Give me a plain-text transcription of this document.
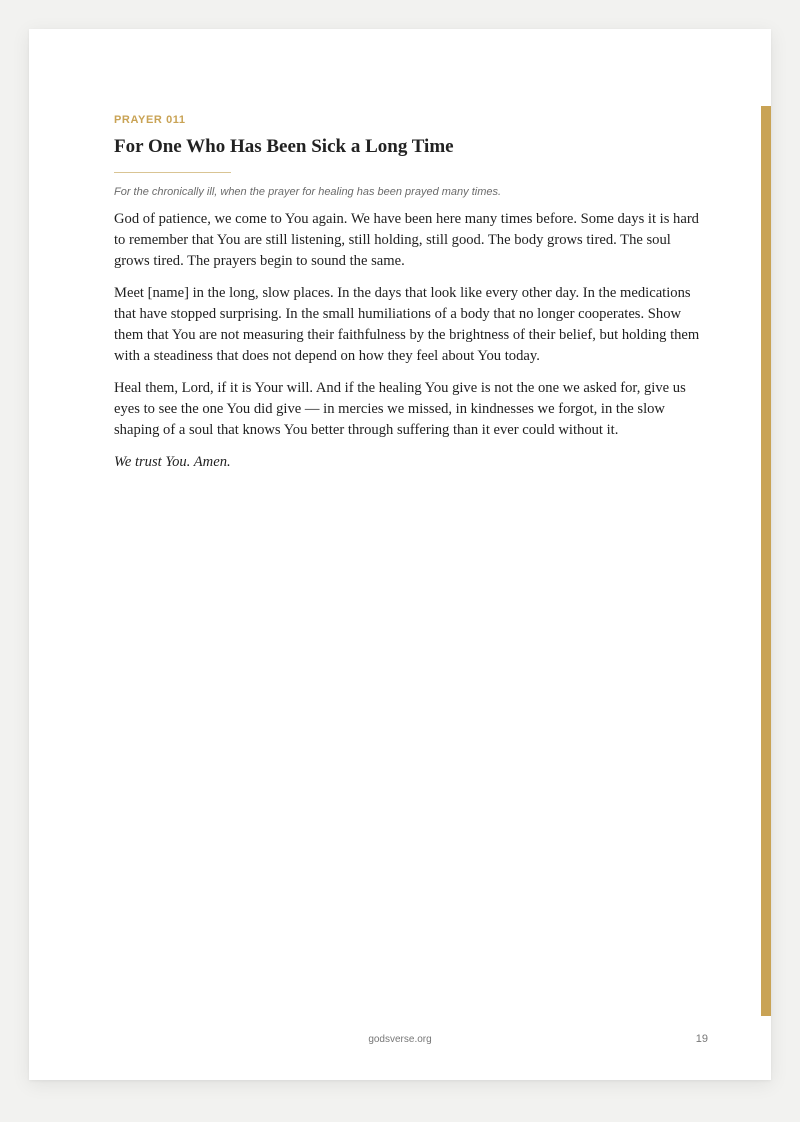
PRAYER 011

For One Who Has Been Sick a Long Time

For the chronically ill, when the prayer for healing has been prayed many times.

God of patience, we come to You again. We have been here many times before. Some days it is hard to remember that You are still listening, still holding, still good. The body grows tired. The soul grows tired. The prayers begin to sound the same.

Meet [name] in the long, slow places. In the days that look like every other day. In the medications that have stopped surprising. In the small humiliations of a body that no longer cooperates. Show them that You are not measuring their faithfulness by the brightness of their belief, but holding them with a steadiness that does not depend on how they feel about You today.

Heal them, Lord, if it is Your will. And if the healing You give is not the one we asked for, give us eyes to see the one You did give — in mercies we missed, in kindnesses we forgot, in the slow shaping of a soul that knows You better through suffering than it ever could without it.

We trust You. Amen.

godsverse.org	19
